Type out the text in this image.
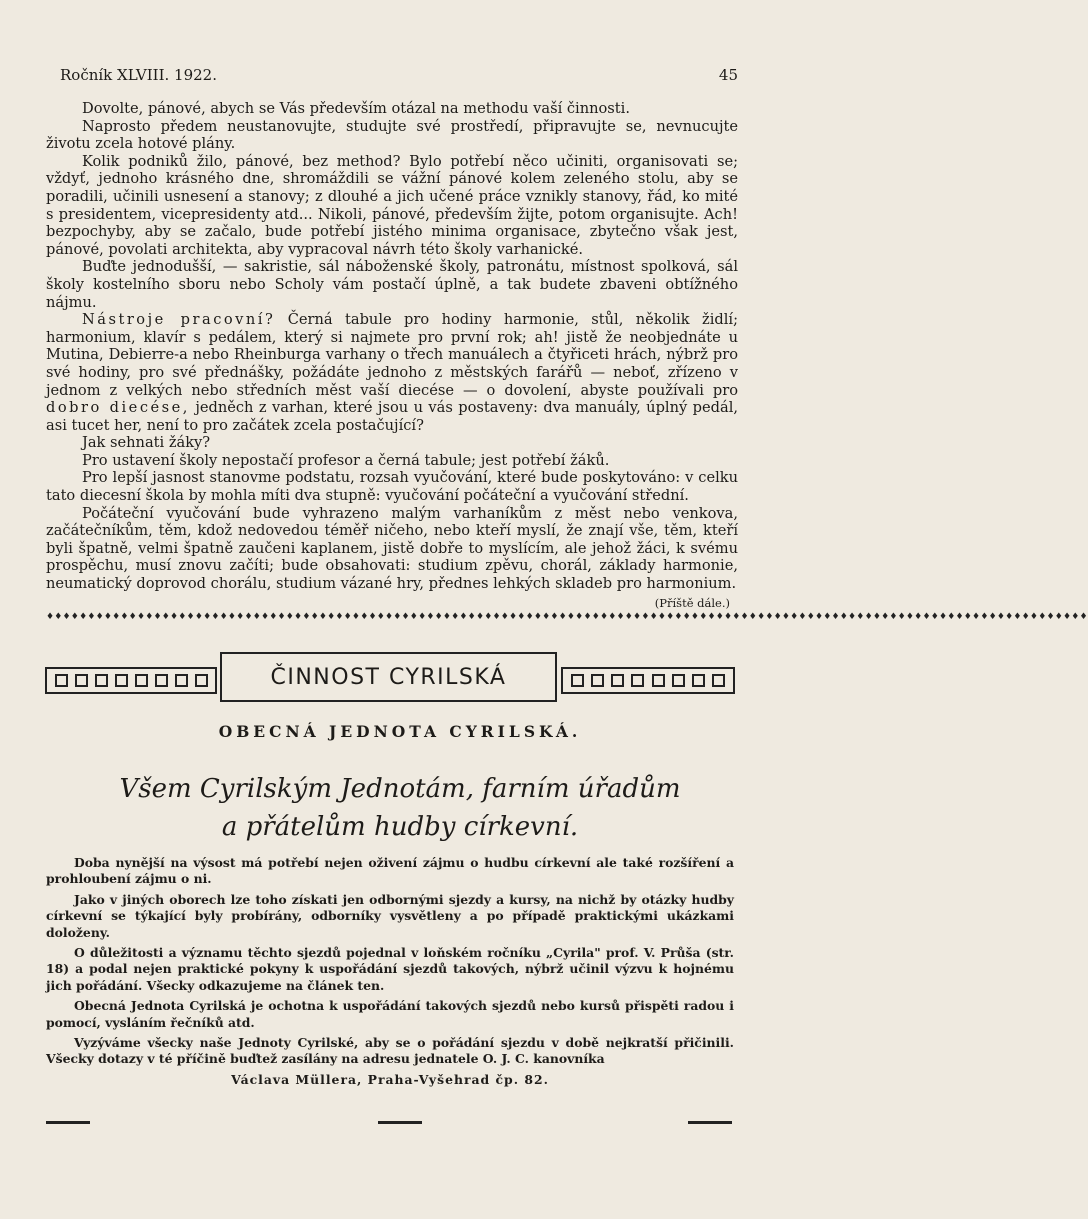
Ročník XLVIII. 1922.	45

Dovolte, pánové, abych se Vás především otázal na methodu vaší činnosti.

Naprosto předem neustanovujte, studujte své prostředí, připravujte se, nevnucujte životu zcela hotové plány.

Kolik podniků žilo, pánové, bez method? Bylo potřebí něco učiniti, organisovati se; vždyť, jednoho krásného dne, shromáždili se vážní pánové kolem zeleného stolu, aby se poradili, učinili usnesení a stanovy; z dlouhé a jich učené práce vznikly stanovy, řád, ko mité s presidentem, vicepresidenty atd... Nikoli, pánové, především žijte, potom organisujte. Ach! bezpochyby, aby se začalo, bude potřebí jistého minima organisace, zbytečno však jest, pánové, povolati architekta, aby vypracoval návrh této školy varhanické.

Buďte jednodušší, — sakristie, sál náboženské školy, patronátu, místnost spolková, sál školy kostelního sboru nebo Scholy vám postačí úplně, a tak budete zbaveni obtížného nájmu.

Nástroje pracovní? Černá tabule pro hodiny harmonie, stůl, několik židlí; harmonium, klavír s pedálem, který si najmete pro první rok; ah! jistě že neobjednáte u Mutina, Debierre-a nebo Rheinburga varhany o třech manuálech a čtyřiceti hrách, nýbrž pro své hodiny, pro své přednášky, požádáte jednoho z městských farářů — neboť, zřízeno v jednom z velkých nebo středních měst vaší diecése — o dovolení, abyste používali pro dobro diecése, jedněch z varhan, které jsou u vás postaveny: dva manuály, úplný pedál, asi tucet her, není to pro začátek zcela postačující?

Jak sehnati žáky?

Pro ustavení školy nepostačí profesor a černá tabule; jest potřebí žáků.

Pro lepší jasnost stanovme podstatu, rozsah vyučování, které bude poskytováno: v celku tato diecesní škola by mohla míti dva stupně: vyučování počáteční a vyučování střední.

Počáteční vyučování bude vyhrazeno malým varhaníkům z měst nebo venkova, začátečníkům, těm, kdož nedovedou téměř ničeho, nebo kteří myslí, že znají vše, těm, kteří byli špatně, velmi špatně zaučeni kaplanem, jistě dobře to myslícím, ale jehož žáci, k svému prospěchu, musí znovu začíti; bude obsahovati: studium zpěvu, chorál, základy harmonie, neumatický doprovod chorálu, studium vázané hry, přednes lehkých skladeb pro harmonium.

(Příště dále.)
♦♦♦♦♦♦♦♦♦♦♦♦♦♦♦♦♦♦♦♦♦♦♦♦♦♦♦♦♦♦♦♦♦♦♦♦♦♦♦♦♦♦♦♦♦♦♦♦♦♦♦♦♦♦♦♦♦♦♦♦♦♦♦♦♦♦♦♦♦♦♦♦♦♦♦♦♦♦♦♦♦♦♦♦♦♦♦♦♦♦♦♦♦♦♦♦♦♦♦♦♦♦♦♦♦♦♦♦♦♦♦♦♦♦♦♦♦♦♦♦♦♦♦♦♦♦
ČINNOST CYRILSKÁ
OBECNÁ JEDNOTA CYRILSKÁ.
Všem Cyrilským Jednotám, farním úřadům
a přátelům hudby církevní.

Doba nynější na výsost má potřebí nejen oživení zájmu o hudbu církevní ale také rozšíření a prohloubení zájmu o ni.

Jako v jiných oborech lze toho získati jen odbornými sjezdy a kursy, na nichž by otázky hudby církevní se týkající byly probírány, odborníky vysvětleny a po případě praktickými ukázkami doloženy.

O důležitosti a významu těchto sjezdů pojednal v loňském ročníku „Cyrila" prof. V. Průša (str. 18) a podal nejen praktické pokyny k uspořádání sjezdů takových, nýbrž učinil výzvu k hojnému jich pořádání. Všecky odkazujeme na článek ten.

Obecná Jednota Cyrilská je ochotna k uspořádání takových sjezdů nebo kursů přispěti radou i pomocí, vysláním řečníků atd.

Vyzýváme všecky naše Jednoty Cyrilské, aby se o pořádání sjezdu v době nejkratší přičinili. Všecky dotazy v té příčině buďtež zasílány na adresu jednatele O. J. C. kanovníka

Václava Müllera, Praha-Vyšehrad čp. 82.
